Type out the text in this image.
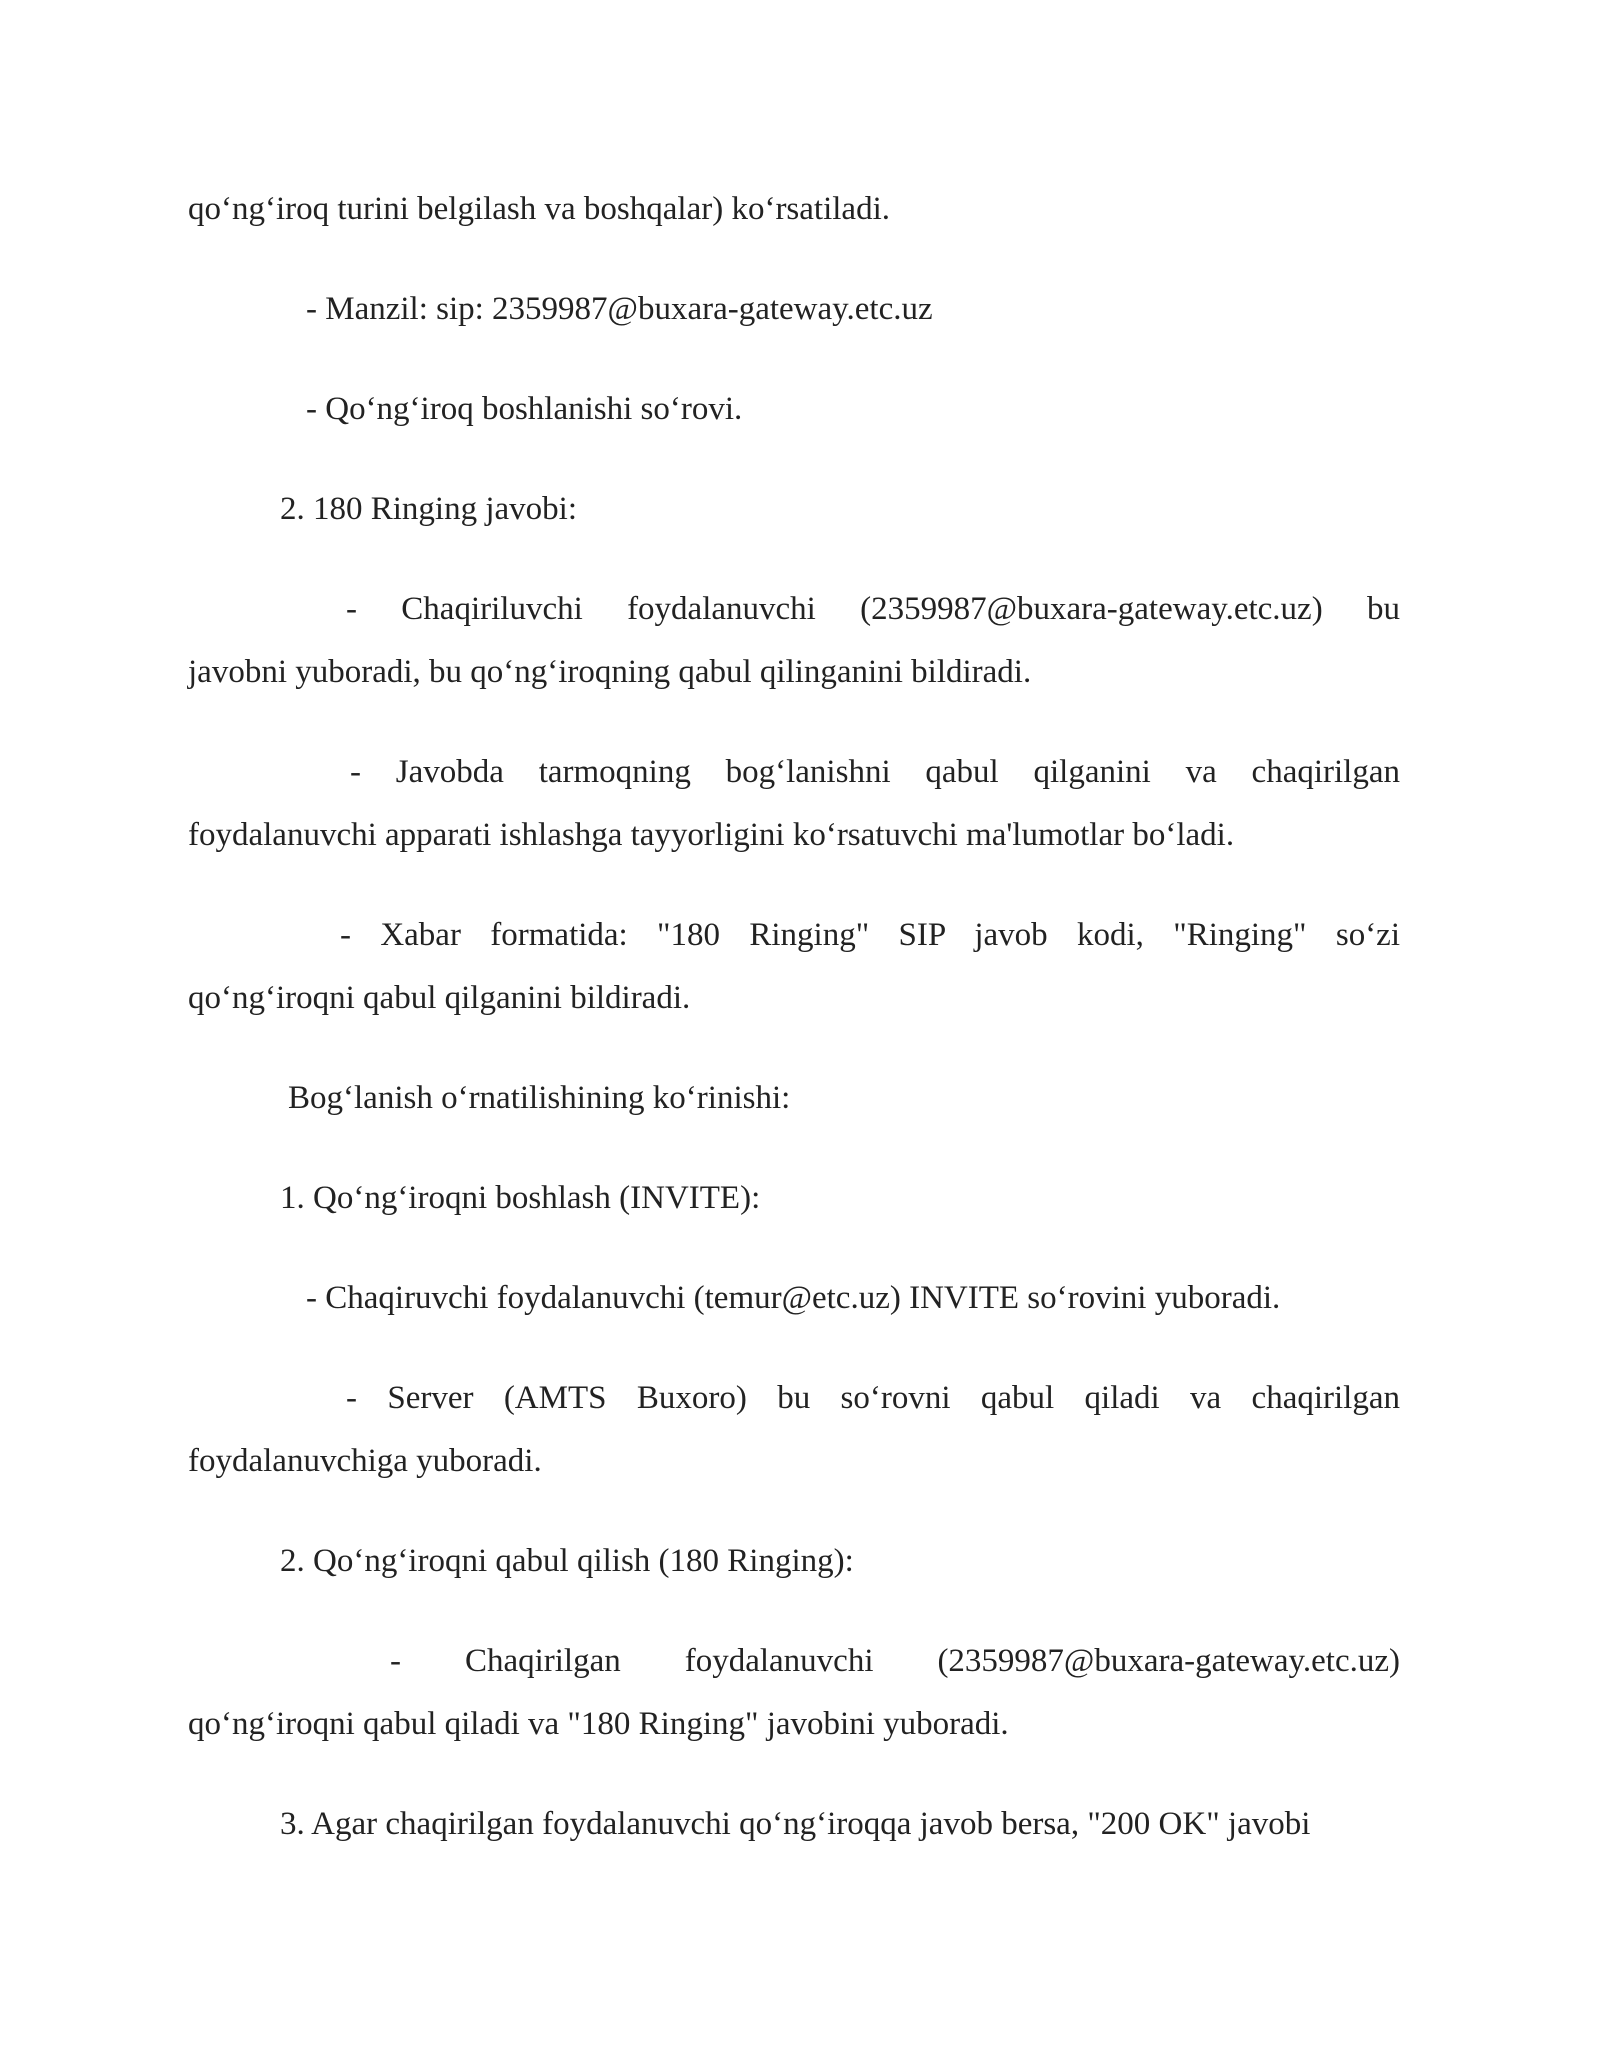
qo‘ng‘iroq turini belgilash va boshqalar) ko‘rsatiladi.
- Manzil: sip: 2359987@buxara-gateway.etc.uz
- Qo‘ng‘iroq boshlanishi so‘rovi.
2. 180 Ringing javobi:
- Chaqiriluvchi foydalanuvchi (2359987@buxara-gateway.etc.uz) bu
javobni yuboradi, bu qo‘ng‘iroqning qabul qilinganini bildiradi.
- Javobda tarmoqning bog‘lanishni qabul qilganini va chaqirilgan
foydalanuvchi apparati ishlashga tayyorligini ko‘rsatuvchi ma'lumotlar bo‘ladi.
- Xabar formatida: "180 Ringing" SIP javob kodi, "Ringing" so‘zi
qo‘ng‘iroqni qabul qilganini bildiradi.
Bog‘lanish o‘rnatilishining ko‘rinishi:
1. Qo‘ng‘iroqni boshlash (INVITE):
- Chaqiruvchi foydalanuvchi (temur@etc.uz) INVITE so‘rovini yuboradi.
- Server (AMTS Buxoro) bu so‘rovni qabul qiladi va chaqirilgan
foydalanuvchiga yuboradi.
2. Qo‘ng‘iroqni qabul qilish (180 Ringing):
- Chaqirilgan foydalanuvchi (2359987@buxara-gateway.etc.uz)
qo‘ng‘iroqni qabul qiladi va "180 Ringing" javobini yuboradi.
3. Agar chaqirilgan foydalanuvchi qo‘ng‘iroqqa javob bersa, "200 OK" javobi
